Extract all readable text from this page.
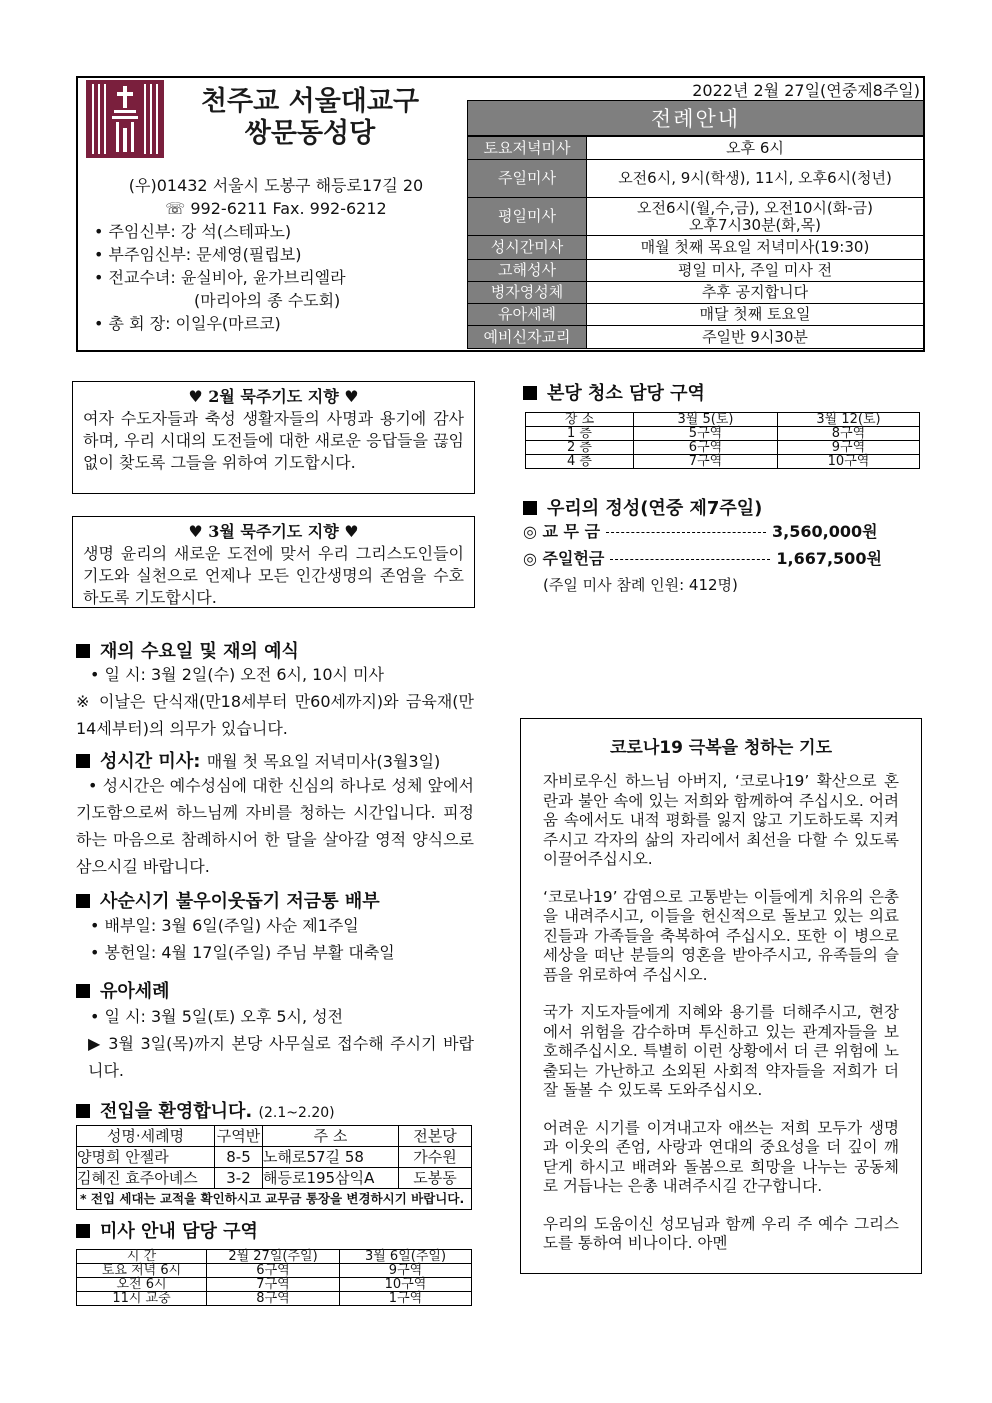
천주교 서울대교구
쌍문동성당
2022년 2월 27일(연중제8주일)
(우)01432 서울시 도봉구 해등로17길 20
☏ 992-6211 Fax. 992-6212
• 주임신부: 강 석(스테파노)
• 부주임신부: 문세영(필립보)
• 전교수녀: 윤실비아, 윤가브리엘라
(마리아의 종 수도회)
• 총 회 장: 이일우(마르코)
전례안내
토요저녁미사	오후 6시
주일미사	오전6시, 9시(학생), 11시, 오후6시(청년)
평일미사	오전6시(월,수,금), 오전10시(화-금)
오후7시30분(화,목)

성시간미사	매월 첫째 목요일 저녁미사(19:30)
고해성사	평일 미사, 주일 미사 전
병자영성체	추후 공지합니다
유아세례	매달 첫째 토요일
예비신자교리	주일반 9시30분
♥ 2월 묵주기도 지향 ♥
여자 수도자들과 축성 생활자들의 사명과 용기에 감사하며, 우리 시대의 도전들에 대한 새로운 응답들을 끊임없이 찾도록 그들을 위하여 기도합시다.
♥ 3월 묵주기도 지향 ♥
생명 윤리의 새로운 도전에 맞서 우리 그리스도인들이 기도와 실천으로 언제나 모든 인간생명의 존엄을 수호하도록 기도합시다.
재의 수요일 및 재의 예식
• 일 시: 3월 2일(수) 오전 6시, 10시 미사
※ 이날은 단식재(만18세부터 만60세까지)와 금육재(만14세부터)의 의무가 있습니다.
성시간 미사: 매월 첫 목요일 저녁미사(3월3일)
• 성시간은 예수성심에 대한 신심의 하나로 성체 앞에서 기도함으로써 하느님께 자비를 청하는 시간입니다. 피정하는 마음으로 참례하시어 한 달을 살아갈 영적 양식으로 삼으시길 바랍니다.
사순시기 불우이웃돕기 저금통 배부
• 배부일: 3월 6일(주일) 사순 제1주일
• 봉헌일: 4월 17일(주일) 주님 부활 대축일
유아세례
• 일 시: 3월 5일(토) 오후 5시, 성전
▶ 3월 3일(목)까지 본당 사무실로 접수해 주시기 바랍니다.
전입을 환영합니다. (2.1~2.20)
성명·세례명	구역반	주 소	전본당
양명희 안젤라	8-5	노해로57길 58	가수원
김혜진 효주아녜스	3-2	해등로195삼익A	도봉동
* 전입 세대는 교적을 확인하시고 교무금 통장을 변경하시기 바랍니다.			
미사 안내 담당 구역
시 간	2월 27일(주일)	3월 6일(주일)
토요 저녁 6시	6구역	9구역
오전 6시	7구역	10구역
11시 교중	8구역	1구역
본당 청소 담당 구역
장 소	3월 5(토)	3월 12(토)
1 층	5구역	8구역
2 층	6구역	9구역
4 층	7구역	10구역
우리의 정성(연중 제7주일)
◎ 교 무 금	3,560,000원
◎ 주일헌금	1,667,500원
(주일 미사 참례 인원: 412명)
코로나19 극복을 청하는 기도

자비로우신 하느님 아버지, ‘코로나19’ 확산으로 혼란과 불안 속에 있는 저희와 함께하여 주십시오. 어려움 속에서도 내적 평화를 잃지 않고 기도하도록 지켜주시고 각자의 삶의 자리에서 최선을 다할 수 있도록 이끌어주십시오.

‘코로나19’ 감염으로 고통받는 이들에게 치유의 은총을 내려주시고, 이들을 헌신적으로 돌보고 있는 의료진들과 가족들을 축복하여 주십시오. 또한 이 병으로 세상을 떠난 분들의 영혼을 받아주시고, 유족들의 슬픔을 위로하여 주십시오.

국가 지도자들에게 지혜와 용기를 더해주시고, 현장에서 위험을 감수하며 투신하고 있는 관계자들을 보호해주십시오. 특별히 이런 상황에서 더 큰 위험에 노출되는 가난하고 소외된 사회적 약자들을 저희가 더 잘 돌볼 수 있도록 도와주십시오.

어려운 시기를 이겨내고자 애쓰는 저희 모두가 생명과 이웃의 존엄, 사랑과 연대의 중요성을 더 깊이 깨닫게 하시고 배려와 돌봄으로 희망을 나누는 공동체로 거듭나는 은총 내려주시길 간구합니다.

우리의 도움이신 성모님과 함께 우리 주 예수 그리스도를 통하여 비나이다. 아멘
